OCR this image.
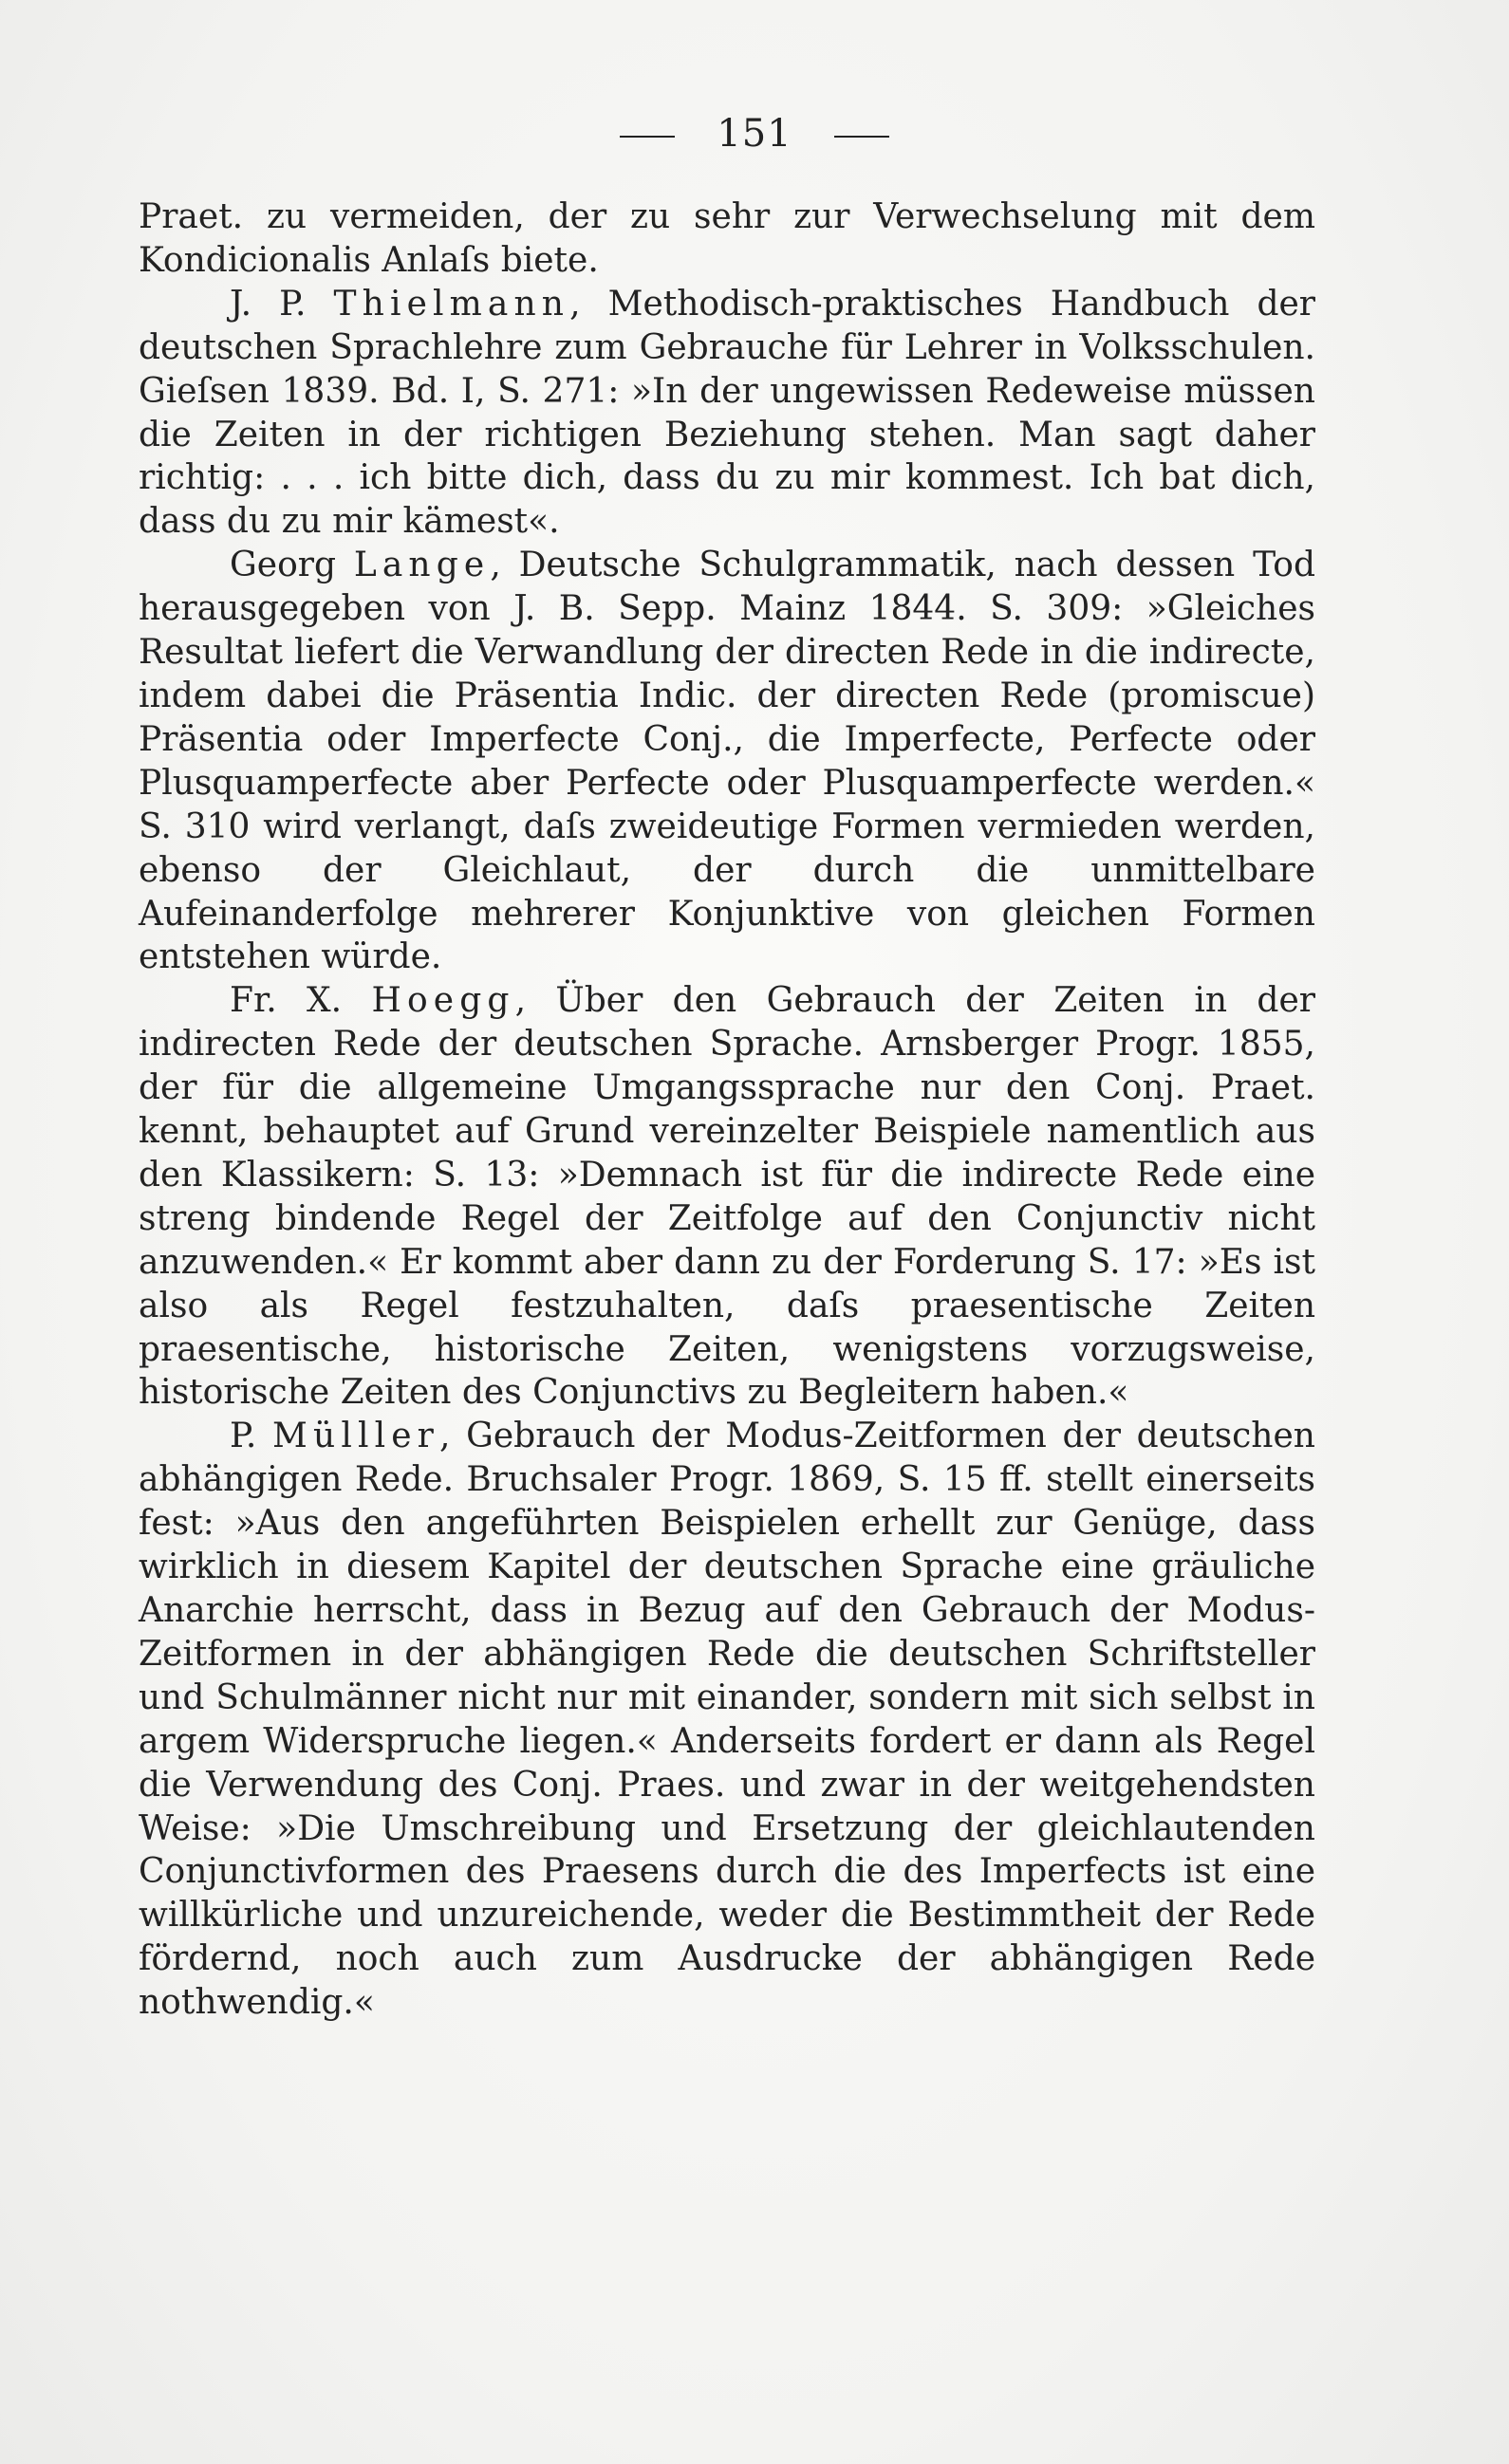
151

Praet. zu vermeiden, der zu sehr zur Verwechselung mit dem Kondicionalis Anlaſs biete.

J. P. Thielmann, Methodisch-praktisches Handbuch der deutschen Sprachlehre zum Gebrauche für Lehrer in Volksschulen. Gieſsen 1839. Bd. I, S. 271: »In der ungewissen Redeweise müssen die Zeiten in der richtigen Beziehung stehen. Man sagt daher richtig: . . . ich bitte dich, dass du zu mir kommest. Ich bat dich, dass du zu mir kämest«.

Georg Lange, Deutsche Schulgrammatik, nach dessen Tod herausgegeben von J. B. Sepp. Mainz 1844. S. 309: »Gleiches Resultat liefert die Verwandlung der directen Rede in die indirecte, indem dabei die Präsentia Indic. der directen Rede (promiscue) Präsentia oder Imperfecte Conj., die Imperfecte, Perfecte oder Plusquamperfecte aber Perfecte oder Plusquamperfecte werden.« S. 310 wird verlangt, daſs zweideutige Formen vermieden werden, ebenso der Gleichlaut, der durch die unmittelbare Aufeinanderfolge mehrerer Konjunktive von gleichen Formen entstehen würde.

Fr. X. Hoegg, Über den Gebrauch der Zeiten in der indirecten Rede der deutschen Sprache. Arnsberger Progr. 1855, der für die allgemeine Umgangssprache nur den Conj. Praet. kennt, behauptet auf Grund vereinzelter Beispiele namentlich aus den Klassikern: S. 13: »Demnach ist für die indirecte Rede eine streng bindende Regel der Zeitfolge auf den Conjunctiv nicht anzuwenden.« Er kommt aber dann zu der Forderung S. 17: »Es ist also als Regel festzuhalten, daſs praesentische Zeiten praesentische, historische Zeiten, wenigstens vorzugsweise, historische Zeiten des Conjunctivs zu Begleitern haben.«

P. Mülller, Gebrauch der Modus-Zeitformen der deutschen abhängigen Rede. Bruchsaler Progr. 1869, S. 15 ff. stellt einerseits fest: »Aus den angeführten Beispielen erhellt zur Genüge, dass wirklich in diesem Kapitel der deutschen Sprache eine gräuliche Anarchie herrscht, dass in Bezug auf den Gebrauch der Modus-Zeitformen in der abhängigen Rede die deutschen Schriftsteller und Schulmänner nicht nur mit einander, sondern mit sich selbst in argem Widerspruche liegen.« Anderseits fordert er dann als Regel die Verwendung des Conj. Praes. und zwar in der weitgehendsten Weise: »Die Umschreibung und Ersetzung der gleichlautenden Conjunctivformen des Praesens durch die des Imperfects ist eine willkürliche und unzureichende, weder die Bestimmtheit der Rede fördernd, noch auch zum Ausdrucke der abhängigen Rede nothwendig.«
